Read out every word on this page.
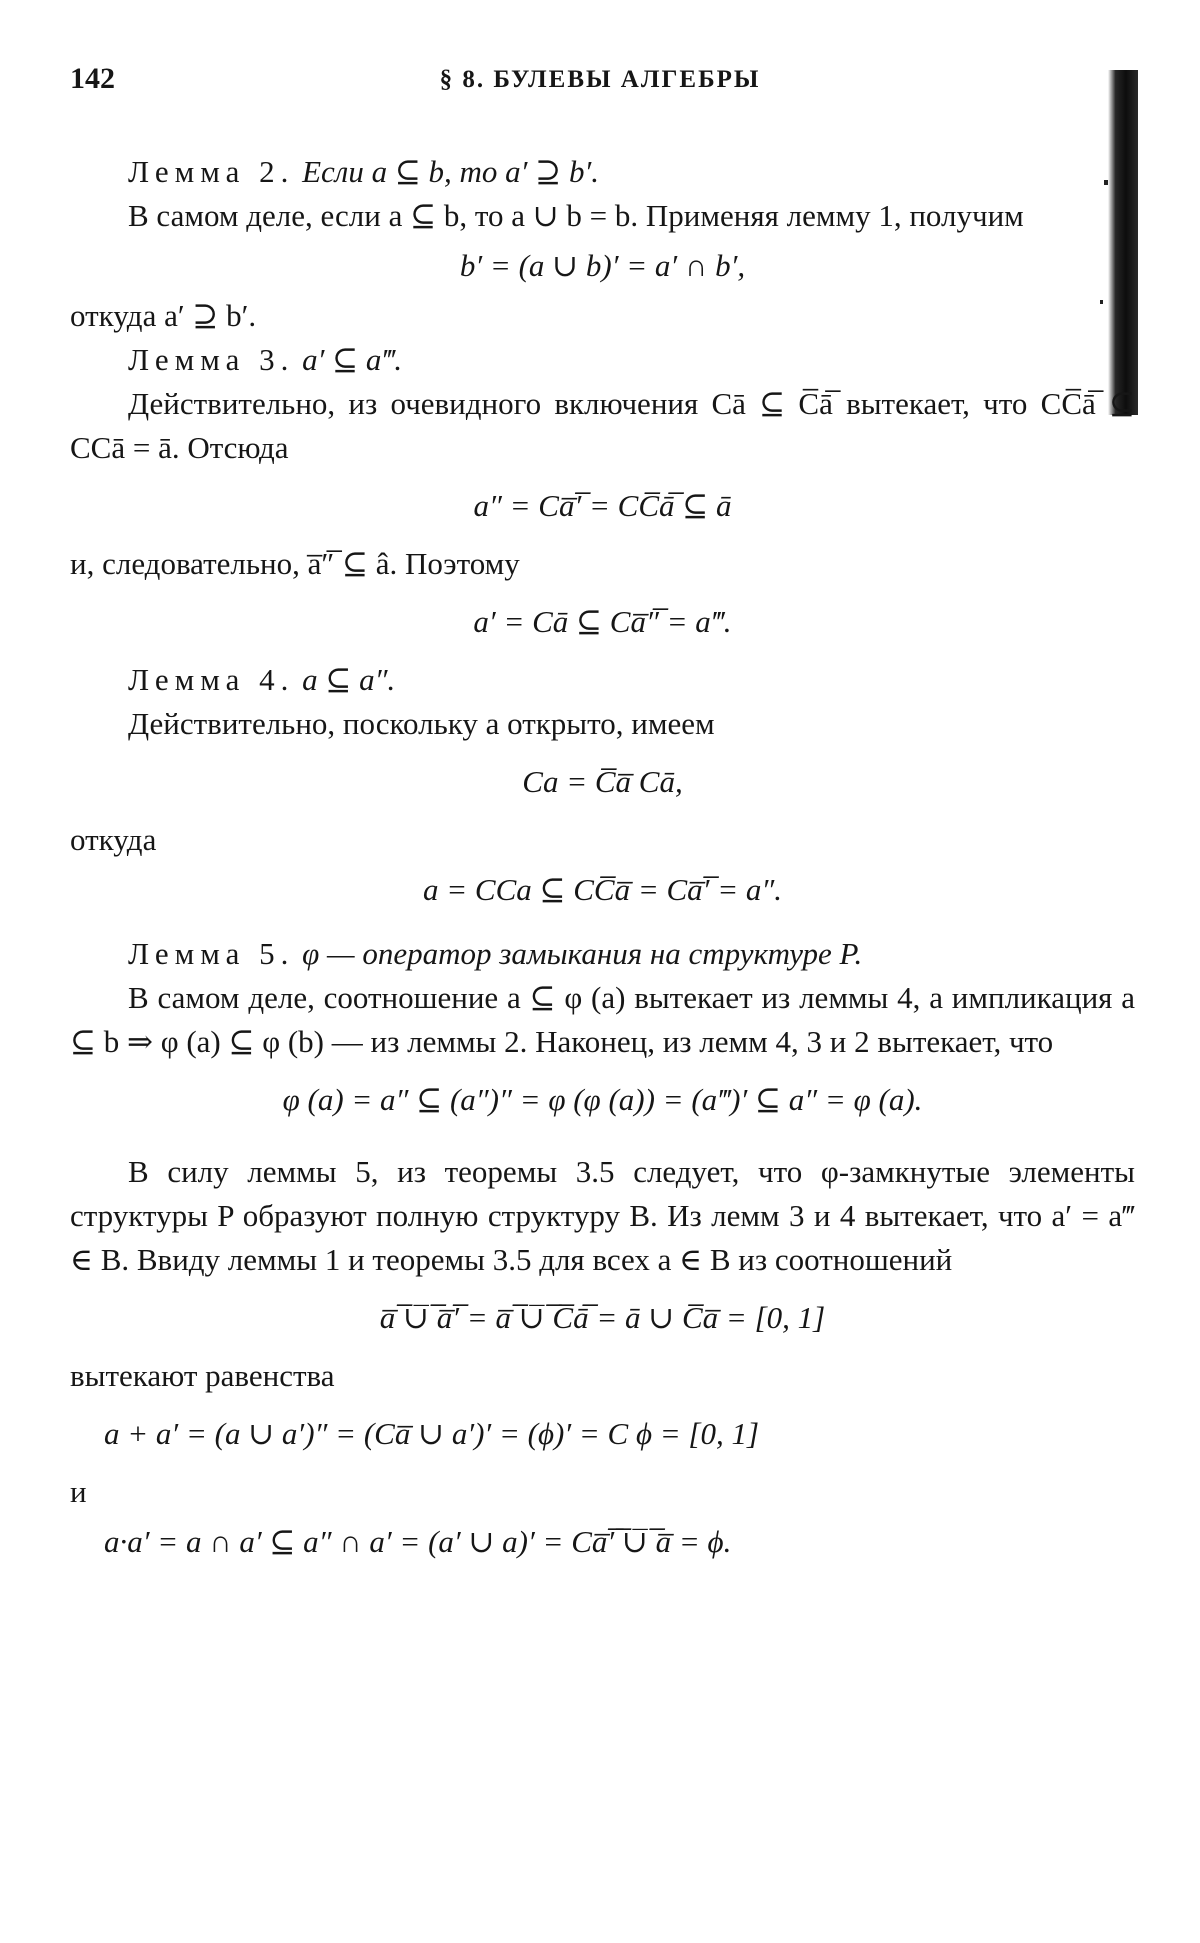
142	§ 8. БУЛЕВЫ АЛГЕБРЫ

Лемма 2. Если a ⊆ b, то a′ ⊇ b′.

В самом деле, если a ⊆ b, то a ∪ b = b. Применяя лемму 1, получим

b′ = (a ∪ b)′ = a′ ∩ b′,

откуда a′ ⊇ b′.

Лемма 3. a′ ⊆ a‴.

Действительно, из очевидного включения Cā ⊆ C̅ā̅ вытекает, что CC̅ā̅ ⊆ CCā = ā. Отсюда

a″ = Ca̅′̅ = CC̅ā̅ ⊆ ā

и, следовательно, a̅″̅ ⊆ â. Поэтому

a′ = Cā ⊆ Ca̅″̅ = a‴.

Лемма 4. a ⊆ a″.

Действительно, поскольку a открыто, имеем

Ca = C̅a̅ Cā,

откуда

a = CCa ⊆ CC̅a̅ = Ca̅′̅ = a″.

Лемма 5. φ — оператор замыкания на структуре P.

В самом деле, соотношение a ⊆ φ (a) вытекает из леммы 4, а импликация a ⊆ b ⇒ φ (a) ⊆ φ (b) — из леммы 2. Наконец, из лемм 4, 3 и 2 вытекает, что

φ (a) = a″ ⊆ (a″)″ = φ (φ (a)) = (a‴)′ ⊆ a″ = φ (a).

В силу леммы 5, из теоремы 3.5 следует, что φ-замкнутые элементы структуры P образуют полную структуру B. Из лемм 3 и 4 вытекает, что a′ = a‴ ∈ B. Ввиду леммы 1 и теоремы 3.5 для всех a ∈ B из соотношений

a̅ ̅∪̅ ̅a̅′̅ = a̅ ̅∪̅ ̅C̅ā̅ = ā ∪ C̅a̅ = [0, 1]

вытекают равенства

a + a′ = (a ∪ a′)″ = (Ca̅ ∪ a′)′ = (ϕ)′ = C ϕ = [0, 1]

и

a·a′ = a ∩ a′ ⊆ a″ ∩ a′ = (a′ ∪ a)′ = Ca̅′̅ ̅∪̅ ̅a̅ = ϕ.
